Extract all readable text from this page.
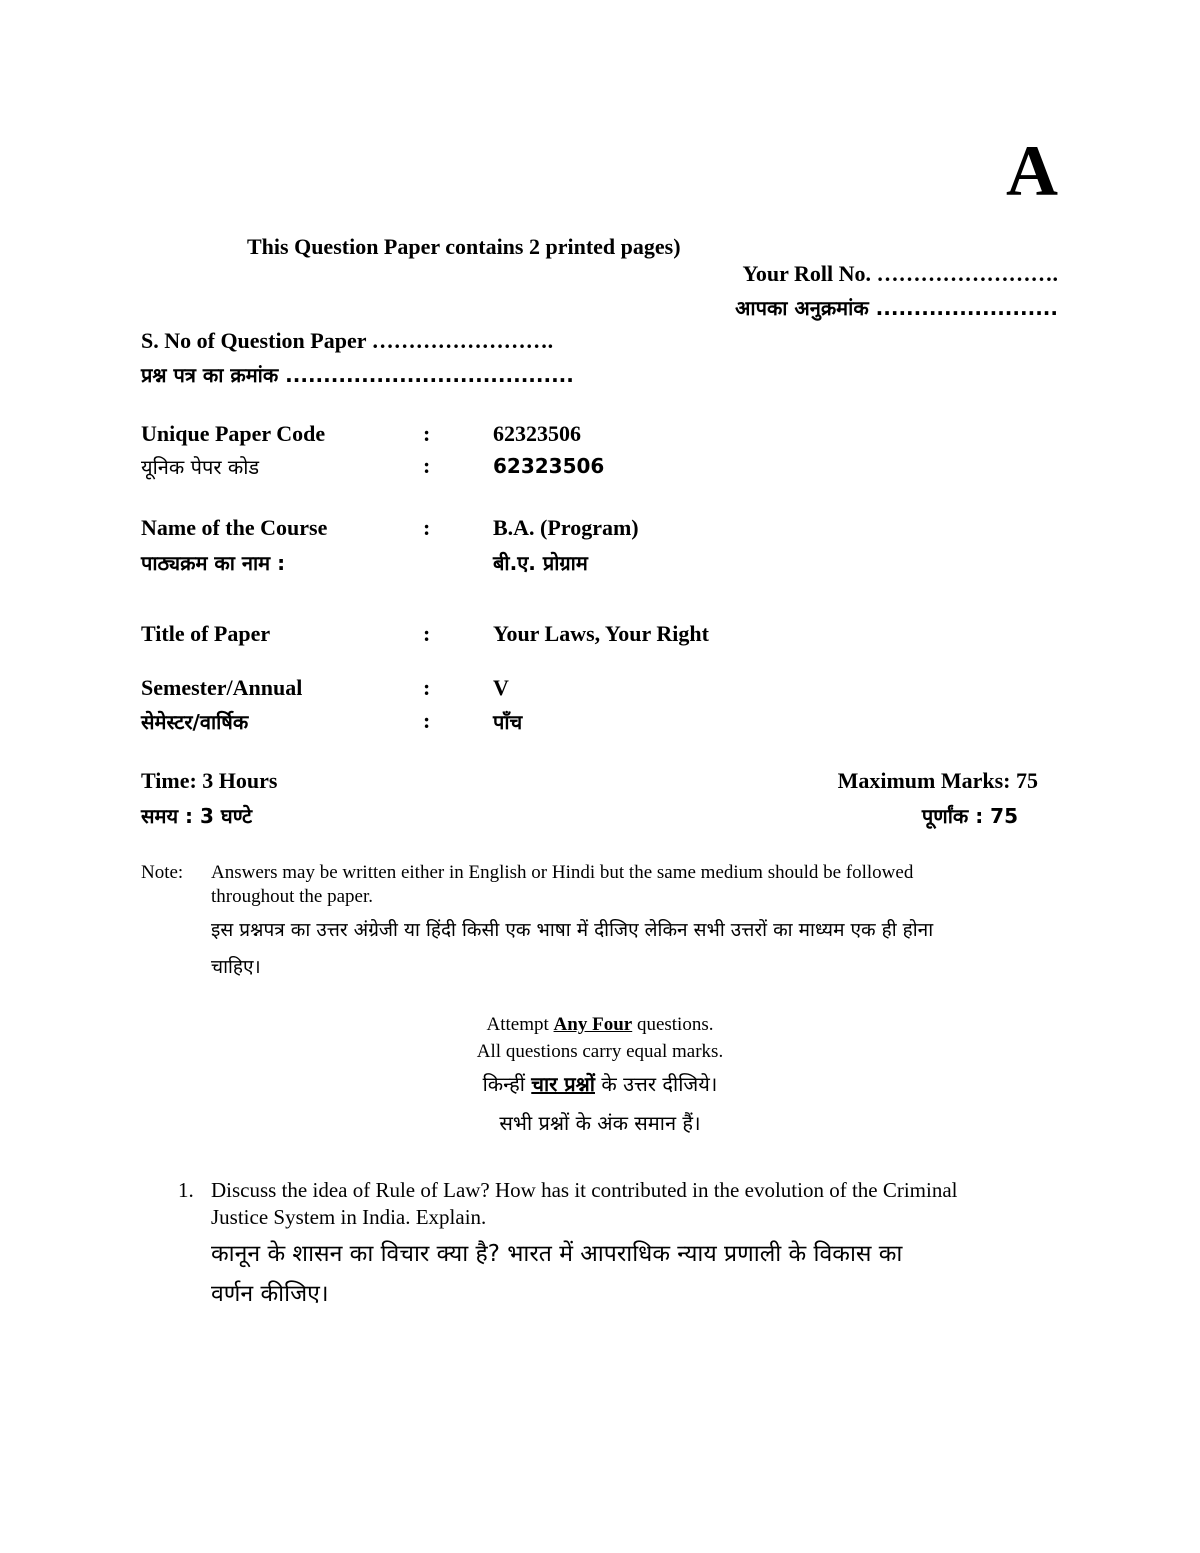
A
This Question Paper contains 2 printed pages)
Your Roll No. …………………….
आपका अनुक्रमांक ........................
S. No of Question Paper …………………….
प्रश्न पत्र का क्रमांक ......................................
Unique Paper Code	:	62323506
यूनिक पेपर कोड	:	62323506
Name of the Course	:	B.A. (Program)
पाठ्यक्रम का नाम :	बी.ए. प्रोग्राम
Title of Paper	:	Your Laws, Your Right
Semester/Annual	:	V
सेमेस्टर/वार्षिक	:	पाँच
Time: 3 Hours	Maximum Marks: 75
समय : 3 घण्टे	पूर्णांक : 75
Note: Answers may be written either in English or Hindi but the same medium should be followed
throughout the paper.
इस प्रश्नपत्र का उत्तर अंग्रेजी या हिंदी किसी एक भाषा में दीजिए लेकिन सभी उत्तरों का माध्यम एक ही होना
चाहिए।
Attempt Any Four questions.
All questions carry equal marks.
किन्हीं चार प्रश्नों के उत्तर दीजिये।
सभी प्रश्नों के अंक समान हैं।
1. Discuss the idea of Rule of Law? How has it contributed in the evolution of the Criminal
Justice System in India. Explain.
कानून के शासन का विचार क्या है? भारत में आपराधिक न्याय प्रणाली के विकास का
वर्णन कीजिए।
